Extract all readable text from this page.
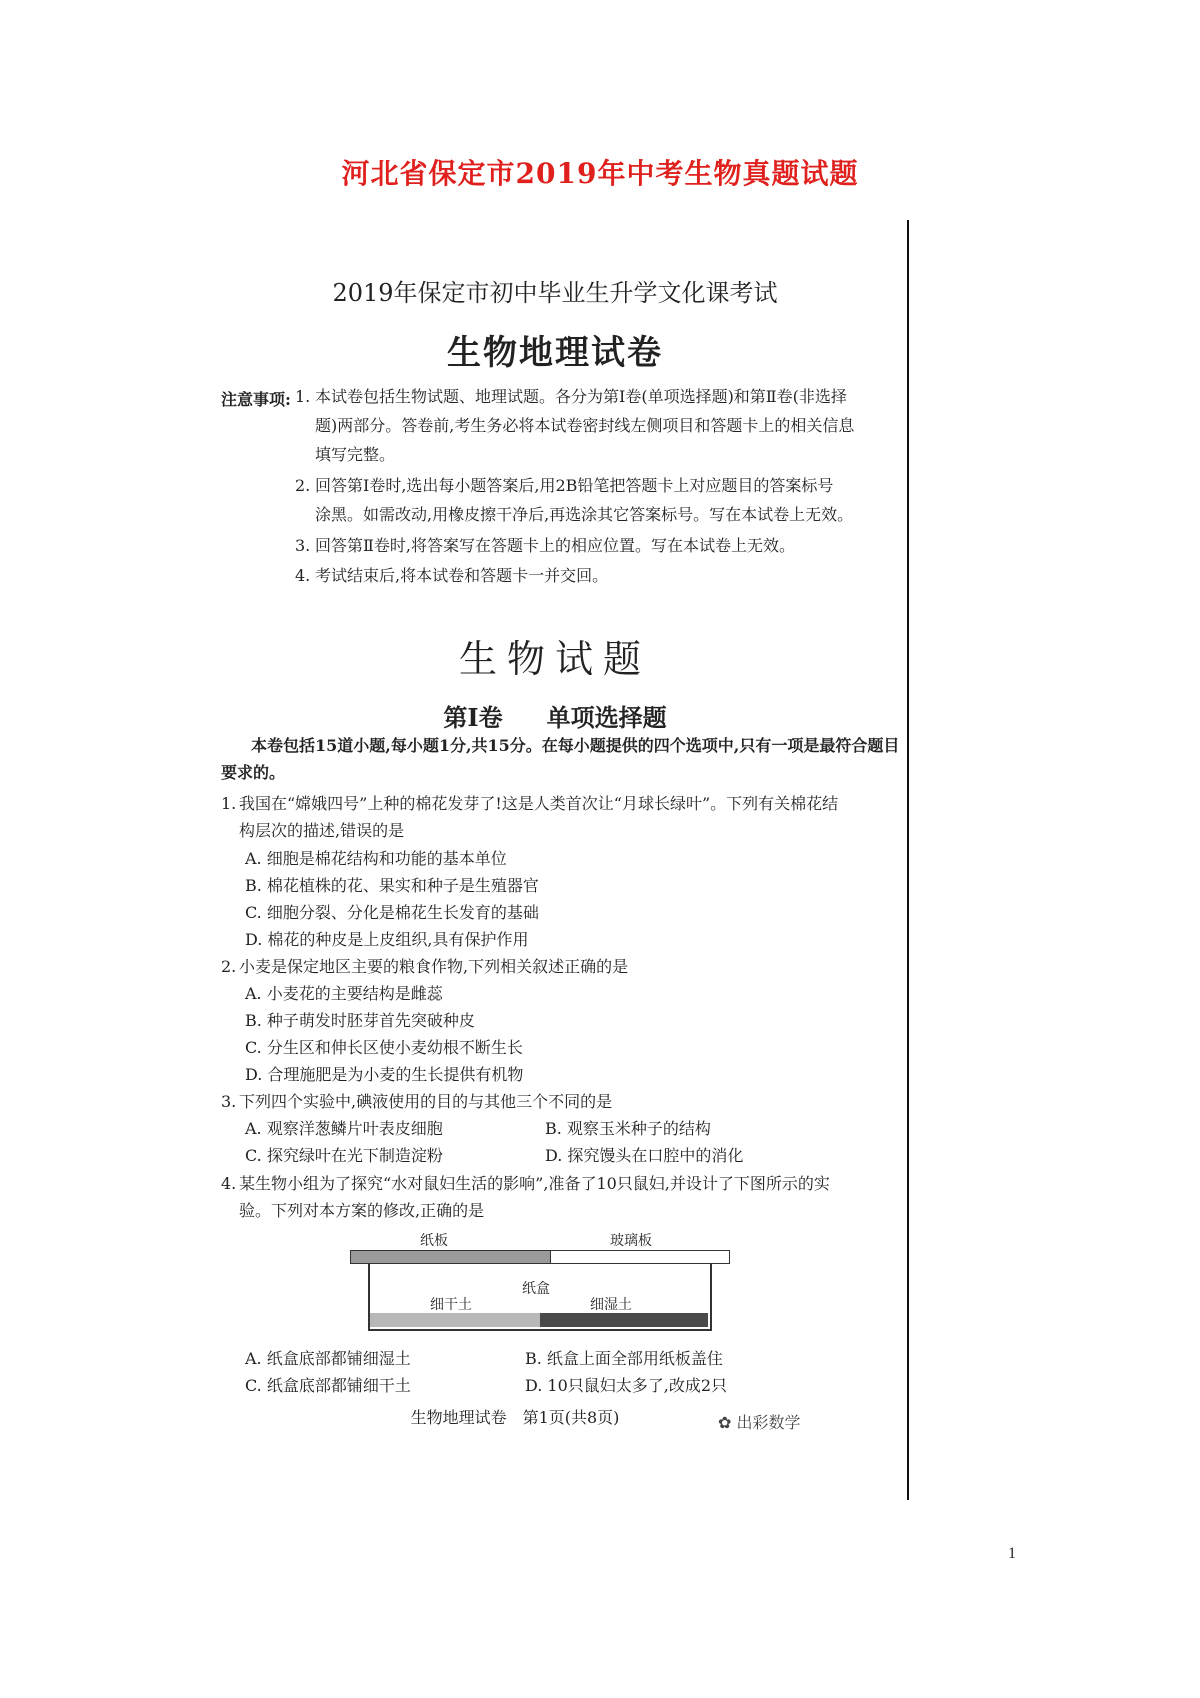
河北省保定市2019年中考生物真题试题
2019年保定市初中毕业生升学文化课考试
生物地理试卷
注意事项: 1. 本试卷包括生物试题、地理试题。各分为第Ⅰ卷(单项选择题)和第Ⅱ卷(非选择
题)两部分。答卷前,考生务必将本试卷密封线左侧项目和答题卡上的相关信息
填写完整。
2. 回答第Ⅰ卷时,选出每小题答案后,用2B铅笔把答题卡上对应题目的答案标号
涂黑。如需改动,用橡皮擦干净后,再选涂其它答案标号。写在本试卷上无效。
3. 回答第Ⅱ卷时,将答案写在答题卡上的相应位置。写在本试卷上无效。
4. 考试结束后,将本试卷和答题卡一并交回。
生物试题
第Ⅰ卷 单项选择题
本卷包括15道小题,每小题1分,共15分。在每小题提供的四个选项中,只有一项是最符合题目要求的。
1. 我国在“嫦娥四号”上种的棉花发芽了!这是人类首次让“月球长绿叶”。下列有关棉花结
构层次的描述,错误的是
A. 细胞是棉花结构和功能的基本单位
B. 棉花植株的花、果实和种子是生殖器官
C. 细胞分裂、分化是棉花生长发育的基础
D. 棉花的种皮是上皮组织,具有保护作用
2. 小麦是保定地区主要的粮食作物,下列相关叙述正确的是
A. 小麦花的主要结构是雌蕊
B. 种子萌发时胚芽首先突破种皮
C. 分生区和伸长区使小麦幼根不断生长
D. 合理施肥是为小麦的生长提供有机物
3. 下列四个实验中,碘液使用的目的与其他三个不同的是
A. 观察洋葱鳞片叶表皮细胞	B. 观察玉米种子的结构
C. 探究绿叶在光下制造淀粉	D. 探究馒头在口腔中的消化
4. 某生物小组为了探究“水对鼠妇生活的影响”,准备了10只鼠妇,并设计了下图所示的实
验。下列对本方案的修改,正确的是
纸板	玻璃板
纸盒
细干土	细湿土
A. 纸盒底部都铺细湿土	B. 纸盒上面全部用纸板盖住
C. 纸盒底部都铺细干土	D. 10只鼠妇太多了,改成2只
生物地理试卷　第1页(共8页)	✿ 出彩数学
1
